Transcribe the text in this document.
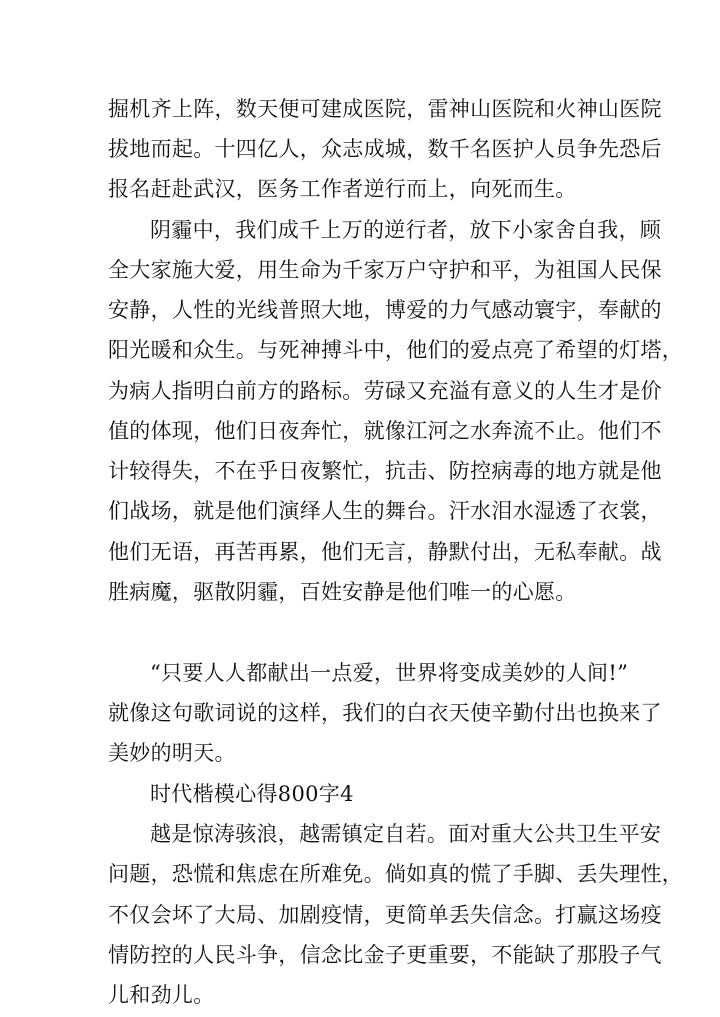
掘机齐上阵，数天便可建成医院，雷神山医院和火神山医院
拔地而起。十四亿人，众志成城，数千名医护人员争先恐后
报名赶赴武汉，医务工作者逆行而上，向死而生。
阴霾中，我们成千上万的逆行者，放下小家舍自我，顾
全大家施大爱，用生命为千家万户守护和平，为祖国人民保
安静，人性的光线普照大地，博爱的力气感动寰宇，奉献的
阳光暖和众生。与死神搏斗中，他们的爱点亮了希望的灯塔，
为病人指明白前方的路标。劳碌又充溢有意义的人生才是价
值的体现，他们日夜奔忙，就像江河之水奔流不止。他们不
计较得失，不在乎日夜繁忙，抗击、防控病毒的地方就是他
们战场，就是他们演绎人生的舞台。汗水泪水湿透了衣裳，
他们无语，再苦再累，他们无言，静默付出，无私奉献。战
胜病魔，驱散阴霾，百姓安静是他们唯一的心愿。
“只要人人都献出一点爱，世界将变成美妙的人间!”
就像这句歌词说的这样，我们的白衣天使辛勤付出也换来了
美妙的明天。
时代楷模心得800字4
越是惊涛骇浪，越需镇定自若。面对重大公共卫生平安
问题，恐慌和焦虑在所难免。倘如真的慌了手脚、丢失理性，
不仅会坏了大局、加剧疫情，更简单丢失信念。打赢这场疫
情防控的人民斗争，信念比金子更重要，不能缺了那股子气
儿和劲儿。
